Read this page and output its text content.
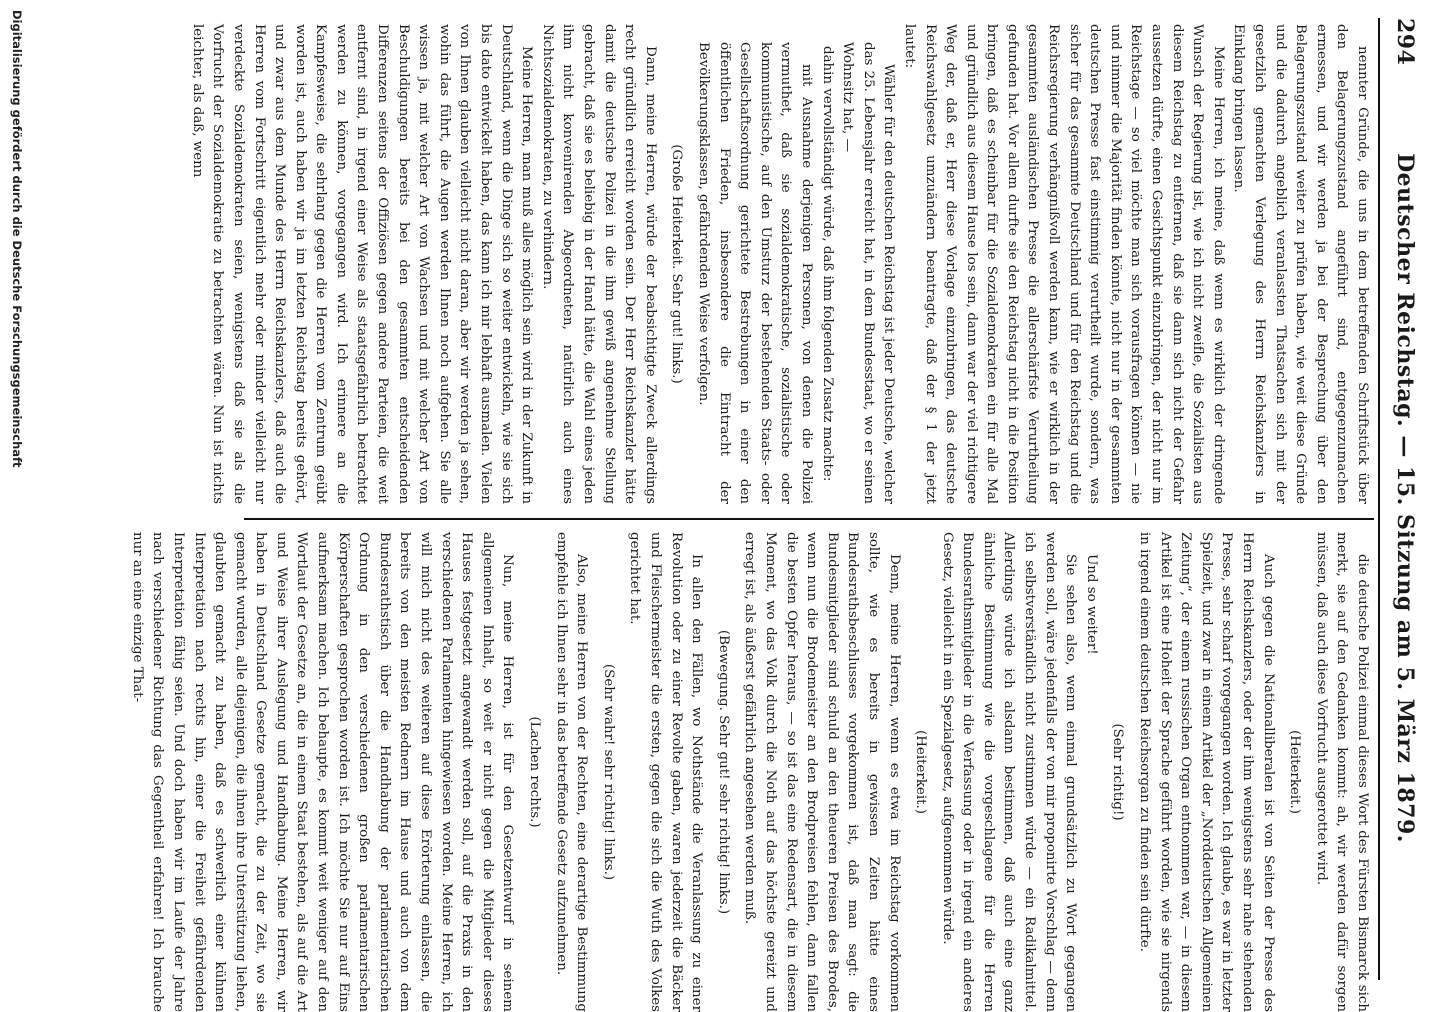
294
Deutscher Reichstag. — 15. Sitzung am 5. März 1879.

nennter Gründe, die uns in dem betreffenden Schriftstück über den Belagerungszustand angeführt sind, entgegenzumachen ermessen, und wir werden ja bei der Besprechung über den Belagerungszustand weiter zu prüfen haben, wie weit diese Gründe und die dadurch angeblich veranlassten Thatsachen sich mit der gesetzlich gemachten Verlegung des Herrn Reichskanzlers in Einklang bringen lassen.

Meine Herren, ich meine, daß wenn es wirklich der dringende Wunsch der Regierung ist, wie ich nicht zweifle, die Sozialisten aus diesem Reichstag zu entfernen, daß sie dann sich nicht der Gefahr aussetzen dürfte, einen Gesichtspunkt einzubringen, der nicht nur im Reichstage — so viel möchte man sich vorausfragen können — nie und nimmer die Majorität finden könnte, nicht nur in der gesammten deutschen Presse fast einstimmig verurtheilt wurde, sondern, was sicher für das gesammte Deutschland und für den Reichstag und die Reichsregierung verhängnißvoll werden kann, wie er wirklich in der gesammten ausländischen Presse die allerschärfste Verurtheilung gefunden hat. Vor allem durfte sie den Reichstag nicht in die Position bringen, daß es scheinbar für die Sozialdemokraten ein für alle Mal und gründlich aus diesem Hause los sein, dann war der viel richtigere Weg der, daß er, Herr diese Vorlage einzubringen, das deutsche Reichswahlgesetz umzuändern beantragte, daß der § 1 der jetzt lautet:

Wähler für den deutschen Reichstag ist jeder Deutsche, welcher das 25. Lebensjahr erreicht hat, in dem Bundesstaat, wo er seinen Wohnsitz hat, —

dahin vervollständigt würde, daß ihm folgenden Zusatz machte:

mit Ausnahme derjenigen Personen, von denen die Polizei vermuthet, daß sie sozialdemokratische, sozialistische oder kommunistische, auf den Umsturz der bestehenden Staats- oder Gesellschaftsordnung gerichtete Bestrebungen in einer den öffentlichen Frieden, insbesondere die Eintracht der Bevölkerungsklassen, gefährdenden Weise verfolgen.

(Große Heiterkeit. Sehr gut! links.)

Dann, meine Herren, würde der beabsichtigte Zweck allerdings recht gründlich erreicht worden sein. Der Herr Reichskanzler hätte damit die deutsche Polizei in die ihm gewiß angenehme Stellung gebracht, daß sie es beliebig in der Hand hätte, die Wahl eines jeden ihm nicht konvenirenden Abgeordneten, natürlich auch eines Nichtsozialdemokraten, zu verhindern.

Meine Herren, man muß alles möglich sein wird in der Zukunft in Deutschland, wenn die Dinge sich so weiter entwickeln, wie sie sich bis dato entwickelt haben, das kann ich mir lebhaft ausmalen. Vielen von Ihnen glauben vielleicht nicht daran, aber wir werden ja sehen, wohin das führt, die Augen werden Ihnen noch aufgehen. Sie alle wissen ja, mit welcher Art von Wachsen und mit welcher Art von Beschuldigungen bereits bei den gesammten entscheidenden Differenzen seitens der Offiziösen gegen andere Parteien, die weit entfernt sind, in irgend einer Weise als staatsgefährlich betrachtet werden zu können, vorgegangen wird. Ich erinnere an die Kampfesweise, die sehrlang gegen die Herren vom Zentrum geübt worden ist, auch haben wir ja im letzten Reichstag bereits gehört, und zwar aus dem Munde des Herrn Reichskanzlers, daß auch die Herren vom Fortschritt eigentlich mehr oder minder vielleicht nur verdeckte Sozialdemokraten seien, wenigstens daß sie als die Vorfrucht der Sozialdemokratie zu betrachten wären. Nun ist nichts leichter, als daß, wenn

die deutsche Polizei einmal dieses Wort des Fürsten Bismarck sich merkt, sie auf den Gedanken kommt: ah, wir werden dafür sorgen müssen, daß auch diese Vorfrucht ausgerottet wird.

(Heiterkeit.)

Auch gegen die Nationalliberalen ist von Seiten der Presse des Herrn Reichskanzlers, oder der ihm wenigstens sehr nahe stehenden Presse, sehr scharf vorgegangen worden. Ich glaube, es war in letzter Spielzeit, und zwar in einem Artikel der „Norddeutschen Allgemeinen Zeitung“, der einem russischen Organ entnommen war, — in diesem Artikel ist eine Hoheit der Sprache geführt worden, wie sie nirgends in irgend einem deutschen Reichsorgan zu finden sein dürfte.

(Sehr richtig!)

Und so weiter!

Sie sehen also, wenn einmal grundsätzlich zu Wort gegangen werden soll, wäre jedenfalls der von mir proponirte Vorschlag — denn ich selbstverständlich nicht zustimmen würde — ein Radikalmittel. Allerdings würde ich alsdann bestimmen, daß auch eine ganz ähnliche Bestimmung wie die vorgeschlagene für die Herren Bundesrathsmitglieder in die Verfassung oder in irgend ein anderes Gesetz, vielleicht in ein Spezialgesetz, aufgenommen würde.

(Heiterkeit.)

Denn, meine Herren, wenn es etwa im Reichstag vorkommen sollte, wie es bereits in gewissen Zeiten hätte eines Bundesrathsbeschlusses vorgekommen ist, daß man sagt: die Bundesmitglieder sind schuld an den theueren Preisen des Brodes, wenn nun die Brodemeister an den Brodpreisen fehlen, dann fallen die besten Opfer heraus, — so ist das eine Redensart, die in diesem Moment, wo das Volk durch die Noth auf das höchste gereizt und erregt ist, als äußerst gefährlich angesehen werden muß.

(Bewegung. Sehr gut! sehr richtig! links.)

In allen den Fällen, wo Nothstände die Veranlassung zu einer Revolution oder zu einer Revolte gaben, waren jederzeit die Bäcker und Fleischermeister die ersten, gegen die sich die Wuth des Volkes gerichtet hat.

(Sehr wahr! sehr richtig! links.)

Also, meine Herren von der Rechten, eine derartige Bestimmung empfehle ich Ihnen sehr in das betreffende Gesetz aufzunehmen.

(Lachen rechts.)

Nun, meine Herren, ist für den Gesetzentwurf in seinem allgemeinen Inhalt, so weit er nicht gegen die Mitglieder dieses Hauses festgesetzt angewandt werden soll, auf die Praxis in den verschiedenen Parlamenten hingewiesen worden. Meine Herren, ich will mich nicht des weiteren auf diese Erörterung einlassen, die bereits von den meisten Rednern im Hause und auch von dem Bundesrathstisch über die Handhabung der parlamentarischen Ordnung in den verschiedenen großen parlamentarischen Körperschaften gesprochen worden ist. Ich möchte Sie nur auf Eins aufmerksam machen. Ich behaupte, es kommt weit weniger auf den Wortlaut der Gesetze an, die in einem Staat bestehen, als auf die Art und Weise ihrer Auslegung und Handhabung. Meine Herren, wir haben in Deutschland Gesetze gemacht, die zu der Zeit, wo sie gemacht wurden, alle diejenigen, die ihnen ihre Unterstützung liehen, glaubten gemacht zu haben, daß es schwerlich einer kühnen Interpretation nach rechts hin, einer die Freiheit gefährdenden Interpretation fähig seien. Und doch haben wir im Laufe der Jahre nach verschiedener Richtung das Gegentheil erfahren! Ich brauche nur an eine einzige That-

Digitalisierung gefördert durch die Deutsche Forschungsgemeinschaft
